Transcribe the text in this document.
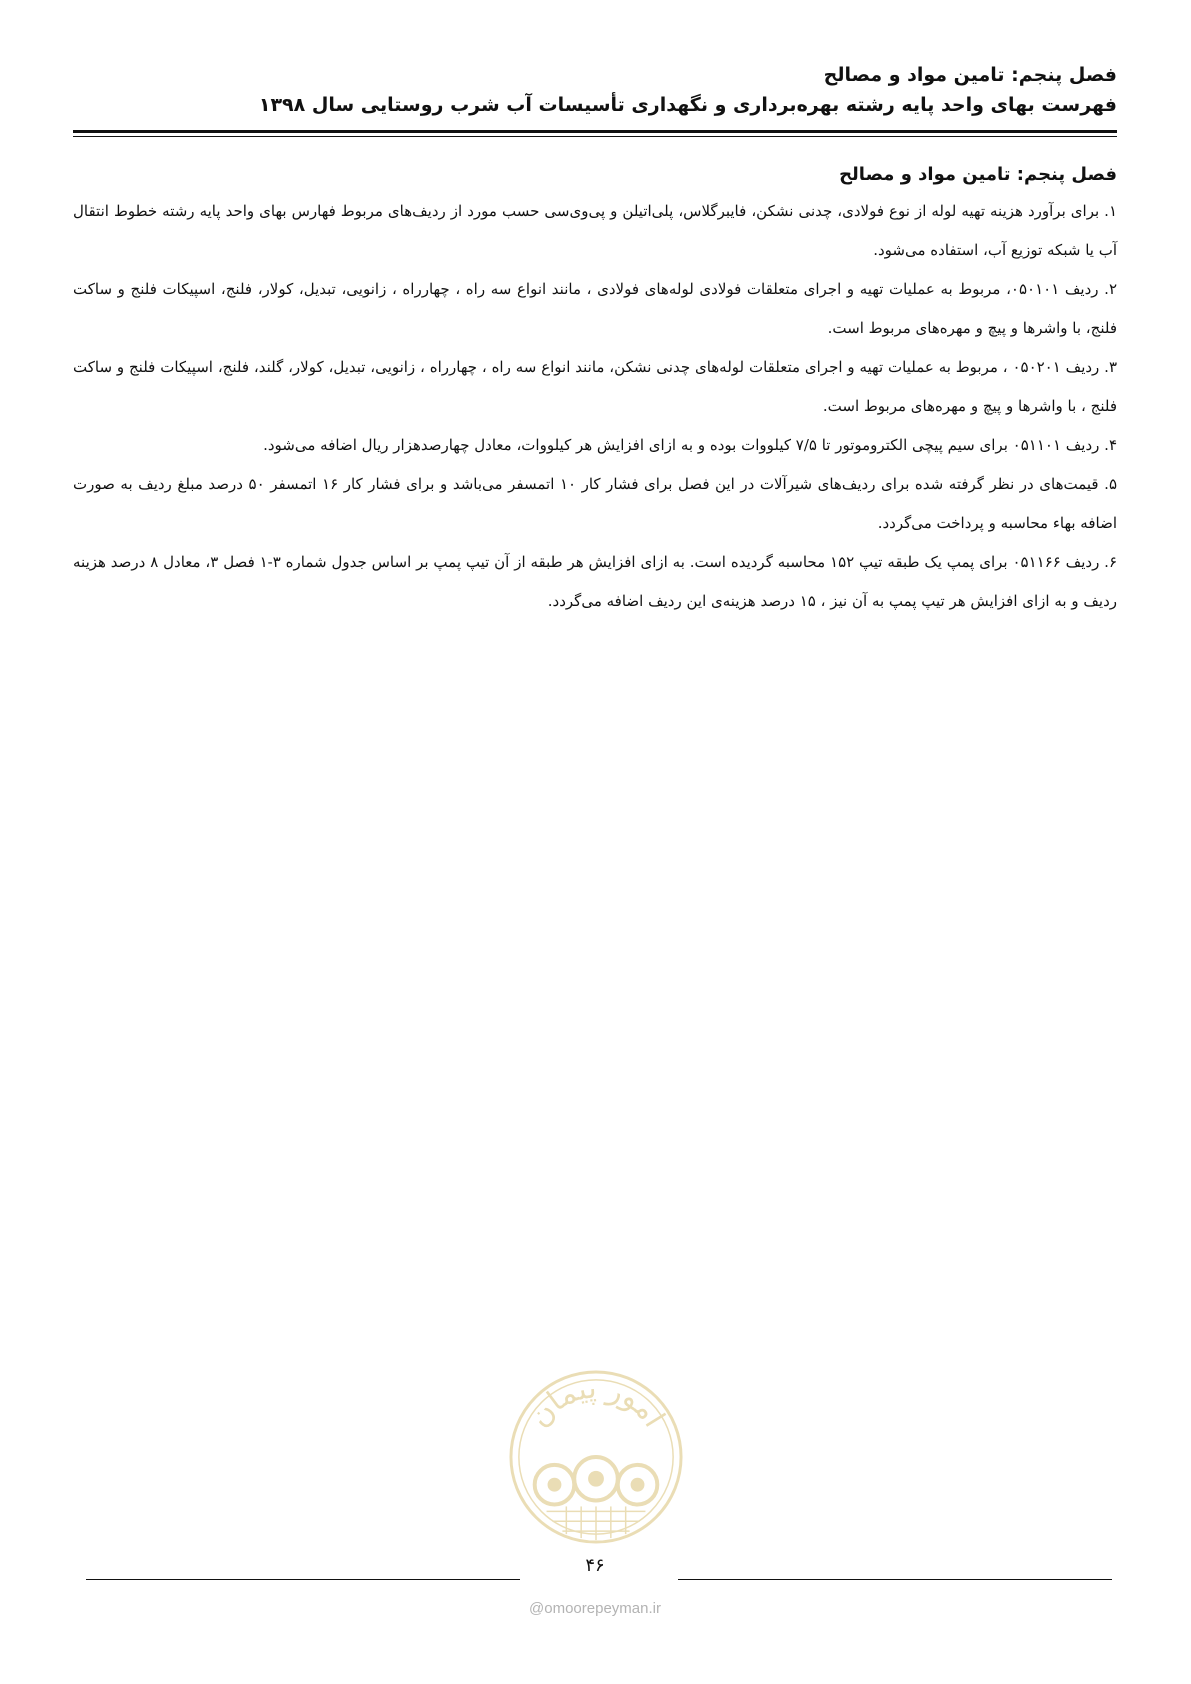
فصل پنجم: تامین مواد و مصالح
فهرست بهای واحد پایه رشته بهره‌برداری و نگهداری تأسیسات آب شرب روستایی سال ۱۳۹۸
فصل پنجم: تامین مواد و مصالح

۱. برای برآورد هزینه تهیه لوله از نوع فولادی، چدنی نشکن، فایبرگلاس، پلی‌اتیلن و پی‌وی‌سی حسب مورد از ردیف‌های مربوط فهارس بهای واحد پایه رشته خطوط انتقال آب یا شبکه توزیع آب، استفاده می‌شود.

۲. ردیف ۰۵۰۱۰۱، مربوط به عملیات تهیه و اجرای متعلقات فولادی لوله‌های فولادی ، مانند انواع سه راه ، چهارراه ، زانویی، تبدیل، کولار، فلنج، اسپیکات فلنج و ساکت فلنج، با واشرها و پیچ و مهره‌های مربوط است.

۳. ردیف ۰۵۰۲۰۱ ، مربوط به عملیات تهیه و اجرای متعلقات لوله‌های چدنی نشکن، مانند انواع سه راه ، چهارراه ، زانویی، تبدیل، کولار، گلند، فلنج، اسپیکات فلنج و ساکت فلنج ، با واشرها و پیچ و مهره‌های مربوط است.

۴. ردیف ۰۵۱۱۰۱ برای سیم پیچی الکتروموتور تا ۷/۵ کیلووات بوده و به ازای افزایش هر کیلووات، معادل چهارصدهزار ریال اضافه می‌شود.

۵. قیمت‌های در نظر گرفته شده برای ردیف‌های شیرآلات در این فصل برای فشار کار ۱۰ اتمسفر می‌باشد و برای فشار کار ۱۶ اتمسفر ۵۰ درصد مبلغ ردیف به صورت اضافه بهاء محاسبه و پرداخت می‌گردد.

۶. ردیف ۰۵۱۱۶۶ برای پمپ یک طبقه تیپ ۱۵۲ محاسبه گردیده است. به ازای افزایش هر طبقه از آن تیپ پمپ بر اساس جدول شماره ۳-۱ فصل ۳، معادل ۸ درصد هزینه ردیف و به ازای افزایش هر تیپ پمپ به آن نیز ، ۱۵ درصد هزینه‌ی این ردیف اضافه می‌گردد.

امور پیمان
۴۶
@omoorepeyman.ir
